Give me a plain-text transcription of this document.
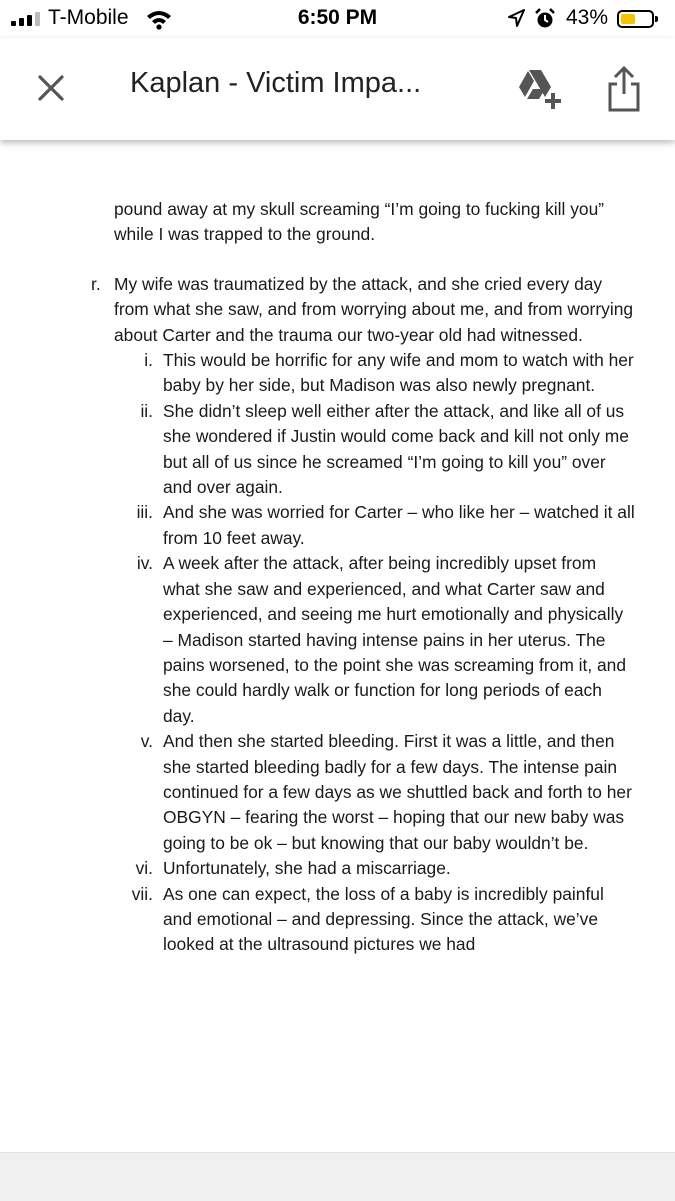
T-Mobile	6:50 PM	43%
Kaplan - Victim Impa...
pound away at my skull screaming “I’m going to fucking kill you” while I was trapped to the ground.
r. My wife was traumatized by the attack, and she cried every day from what she saw, and from worrying about me, and from worrying about Carter and the trauma our two-year old had witnessed.
i. This would be horrific for any wife and mom to watch with her baby by her side, but Madison was also newly pregnant.
ii. She didn’t sleep well either after the attack, and like all of us she wondered if Justin would come back and kill not only me but all of us since he screamed “I’m going to kill you” over and over again.
iii. And she was worried for Carter – who like her – watched it all from 10 feet away.
iv. A week after the attack, after being incredibly upset from what she saw and experienced, and what Carter saw and experienced, and seeing me hurt emotionally and physically – Madison started having intense pains in her uterus. The pains worsened, to the point she was screaming from it, and she could hardly walk or function for long periods of each day.
v. And then she started bleeding. First it was a little, and then she started bleeding badly for a few days. The intense pain continued for a few days as we shuttled back and forth to her OBGYN – fearing the worst – hoping that our new baby was going to be ok – but knowing that our baby wouldn’t be.
vi. Unfortunately, she had a miscarriage.
vii. As one can expect, the loss of a baby is incredibly painful and emotional – and depressing. Since the attack, we’ve looked at the ultrasound pictures we had
